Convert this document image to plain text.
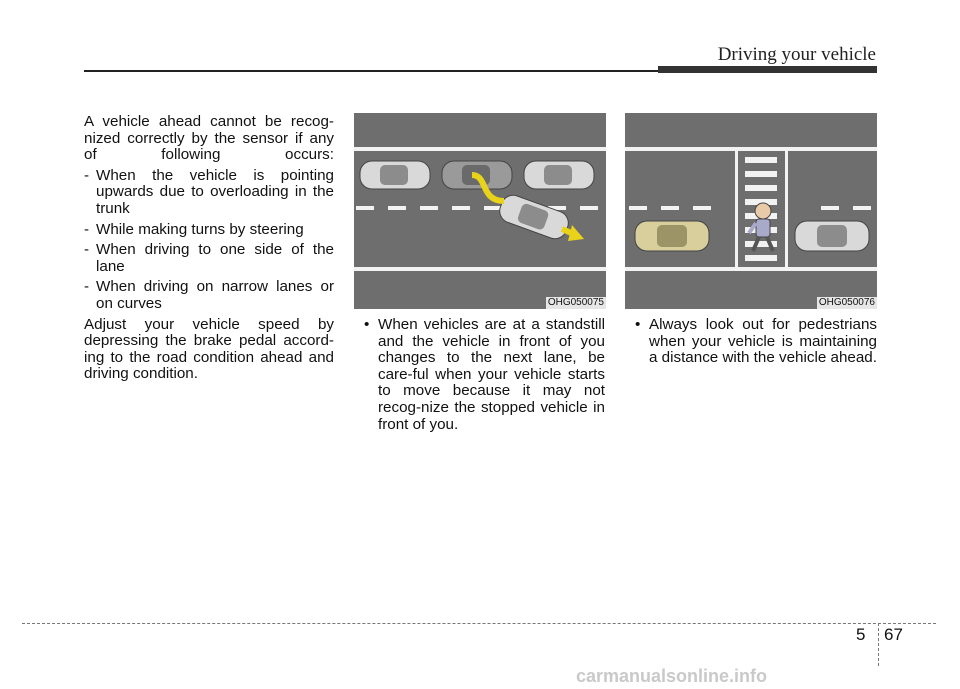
Driving your vehicle

A vehicle ahead cannot be recog-nized correctly by the sensor if any of following occurs:

- When the vehicle is pointing upwards due to overloading in the trunk
- While making turns by steering
- When driving to one side of the lane
- When driving on narrow lanes or on curves

Adjust your vehicle speed by depressing the brake pedal accord-ing to the road condition ahead and driving condition.

OHG050075	OHG050076
• When vehicles are at a standstill and the vehicle in front of you changes to the next lane, be care-ful when your vehicle starts to move because it may not recog-nize the stopped vehicle in front of you.
• Always look out for pedestrians when your vehicle is maintaining a distance with the vehicle ahead.
5 67
carmanualsonline.info
